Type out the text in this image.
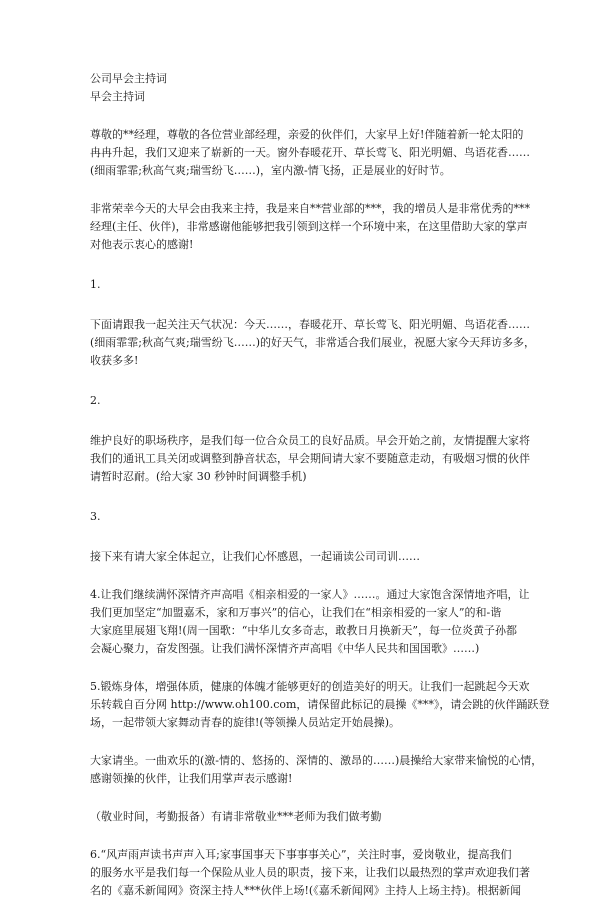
公司早会主持词

早会主持词

尊敬的**经理，尊敬的各位营业部经理，亲爱的伙伴们，大家早上好!伴随着新一轮太阳的

冉冉升起，我们又迎来了崭新的一天。窗外春暖花开、草长莺飞、阳光明媚、鸟语花香……

(细雨霏霏;秋高气爽;瑞雪纷飞……)，室内激-情飞扬，正是展业的好时节。

非常荣幸今天的大早会由我来主持，我是来自**营业部的***，我的增员人是非常优秀的***

经理(主任、伙伴)，非常感谢他能够把我引领到这样一个环境中来，在这里借助大家的掌声

对他表示衷心的感谢!

1.

下面请跟我一起关注天气状况：今天……，春暖花开、草长莺飞、阳光明媚、鸟语花香……

(细雨霏霏;秋高气爽;瑞雪纷飞……)的好天气，非常适合我们展业，祝愿大家今天拜访多多，

收获多多!

2.

维护良好的职场秩序，是我们每一位合众员工的良好品质。早会开始之前，友情提醒大家将

我们的通讯工具关闭或调整到静音状态，早会期间请大家不要随意走动，有吸烟习惯的伙伴

请暂时忍耐。(给大家 30 秒钟时间调整手机)

3.

接下来有请大家全体起立，让我们心怀感恩，一起诵读公司司训……

4.让我们继续满怀深情齐声高唱《相亲相爱的一家人》……。通过大家饱含深情地齐唱，让

我们更加坚定“加盟嘉禾，家和万事兴”的信心，让我们在“相亲相爱的一家人”的和-谐

大家庭里展翅飞翔!(周一国歌：“中华儿女多奇志，敢教日月换新天”，每一位炎黄子孙都

会凝心聚力，奋发图强。让我们满怀深情齐声高唱《中华人民共和国国歌》……)

5.锻炼身体，增强体质，健康的体魄才能够更好的创造美好的明天。让我们一起跳起今天欢

乐转载自百分网 http://www.oh100.com，请保留此标记的晨操《***》，请会跳的伙伴踊跃登

场，一起带领大家舞动青春的旋律!(等领操人员站定开始晨操)。

大家请坐。一曲欢乐的(激-情的、悠扬的、深情的、激昂的……)晨操给大家带来愉悦的心情，

感谢领操的伙伴，让我们用掌声表示感谢!

（敬业时间，考勤报备）有请非常敬业***老师为我们做考勤

6.“风声雨声读书声声入耳;家事国事天下事事事关心”，关注时事，爱岗敬业，提高我们

的服务水平是我们每一个保险从业人员的职责，接下来，让我们以最热烈的掌声欢迎我们著

名的《嘉禾新闻网》资深主持人***伙伴上场!(《嘉禾新闻网》主持人上场主持)。根据新闻
